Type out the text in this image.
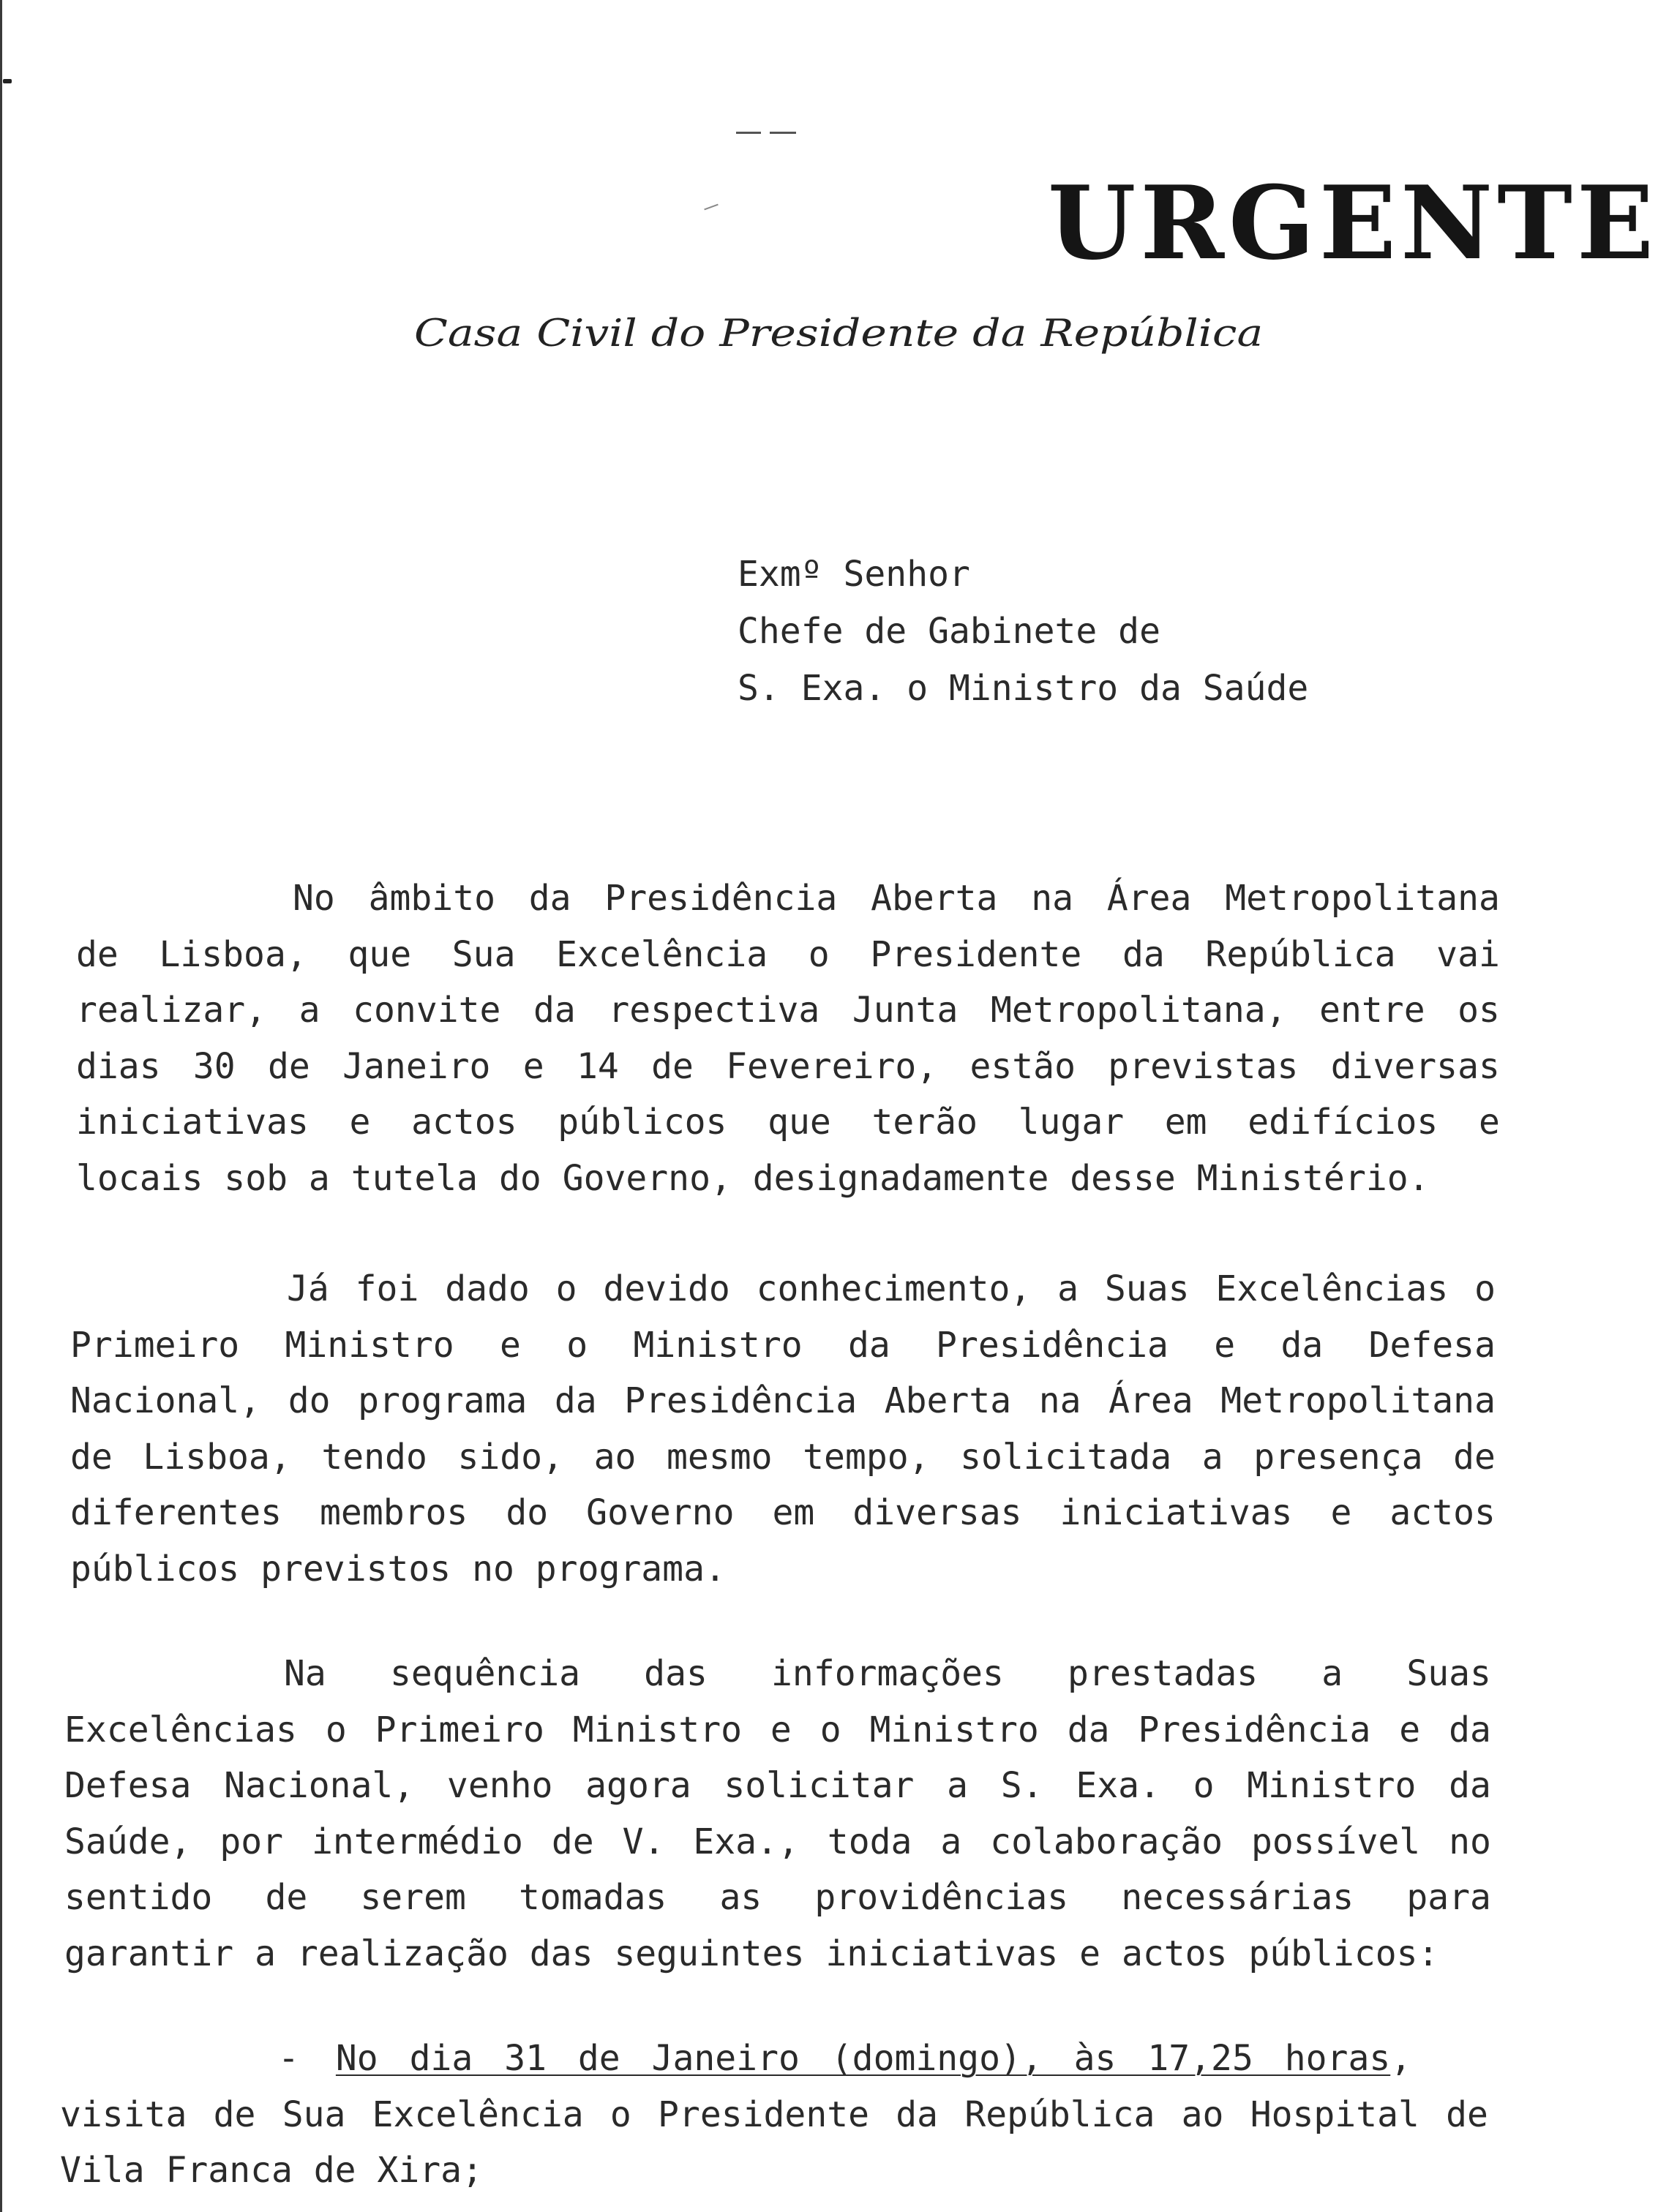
URGENTE
Casa Civil do Presidente da República
Exmº Senhor
Chefe de Gabinete de
S. Exa. o Ministro da Saúde
No âmbito da Presidência Aberta na Área Metropolitana
de Lisboa, que Sua Excelência o Presidente da República vai
realizar, a convite da respectiva Junta Metropolitana, entre os
dias 30 de Janeiro e 14 de Fevereiro, estão previstas diversas
iniciativas e actos públicos que terão lugar em edifícios e
locais sob a tutela do Governo, designadamente desse Ministério.
Já foi dado o devido conhecimento, a Suas Excelências o
Primeiro Ministro e o Ministro da Presidência e da Defesa
Nacional, do programa da Presidência Aberta na Área Metropolitana
de Lisboa, tendo sido, ao mesmo tempo, solicitada a presença de
diferentes membros do Governo em diversas iniciativas e actos
públicos previstos no programa.
Na sequência das informações prestadas a Suas
Excelências o Primeiro Ministro e o Ministro da Presidência e da
Defesa Nacional, venho agora solicitar a S. Exa. o Ministro da
Saúde, por intermédio de V. Exa., toda a colaboração possível no
sentido de serem tomadas as providências necessárias para
garantir a realização das seguintes iniciativas e actos públicos:
- No dia 31 de Janeiro (domingo), às 17,25 horas ,
visita de Sua Excelência o Presidente da República ao Hospital de
Vila Franca de Xira;
